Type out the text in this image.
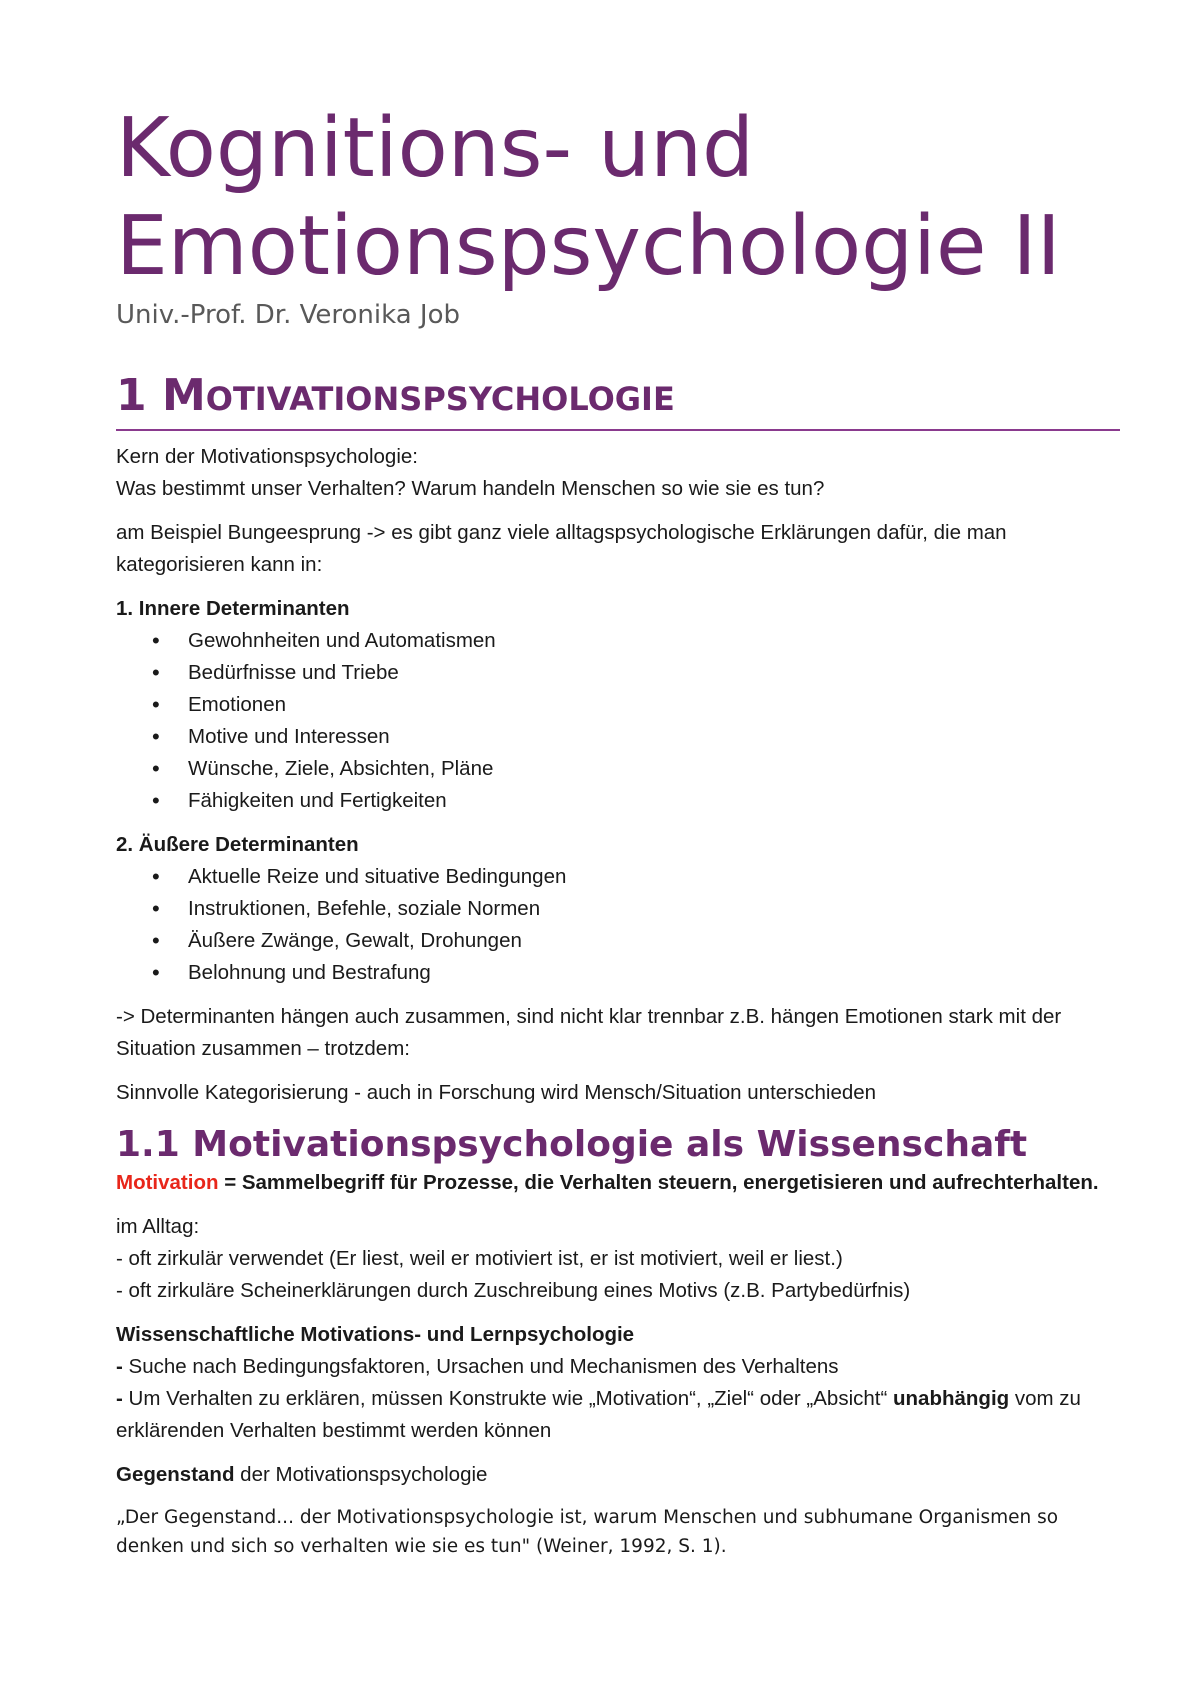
Kognitions- und
Emotionspsychologie II
Univ.-Prof. Dr. Veronika Job
1 MOTIVATIONSPSYCHOLOGIE

Kern der Motivationspsychologie:

Was bestimmt unser Verhalten? Warum handeln Menschen so wie sie es tun?

am Beispiel Bungeesprung -> es gibt ganz viele alltagspsychologische Erklärungen dafür, die man kategorisieren kann in:

1. Innere Determinanten

• Gewohnheiten und Automatismen
• Bedürfnisse und Triebe
• Emotionen
• Motive und Interessen
• Wünsche, Ziele, Absichten, Pläne
• Fähigkeiten und Fertigkeiten

2. Äußere Determinanten

• Aktuelle Reize und situative Bedingungen
• Instruktionen, Befehle, soziale Normen
• Äußere Zwänge, Gewalt, Drohungen
• Belohnung und Bestrafung

-> Determinanten hängen auch zusammen, sind nicht klar trennbar z.B. hängen Emotionen stark mit der Situation zusammen – trotzdem:

Sinnvolle Kategorisierung - auch in Forschung wird Mensch/Situation unterschieden

1.1 Motivationspsychologie als Wissenschaft

Motivation = Sammelbegriff für Prozesse, die Verhalten steuern, energetisieren und aufrechterhalten.

im Alltag:

- oft zirkulär verwendet (Er liest, weil er motiviert ist, er ist motiviert, weil er liest.)

- oft zirkuläre Scheinerklärungen durch Zuschreibung eines Motivs (z.B. Partybedürfnis)

Wissenschaftliche Motivations- und Lernpsychologie

- Suche nach Bedingungsfaktoren, Ursachen und Mechanismen des Verhaltens

- Um Verhalten zu erklären, müssen Konstrukte wie „Motivation“, „Ziel“ oder „Absicht“ unabhängig vom zu erklärenden Verhalten bestimmt werden können

Gegenstand der Motivationspsychologie

„Der Gegenstand... der Motivationspsychologie ist, warum Menschen und subhumane Organismen so denken und sich so verhalten wie sie es tun" (Weiner, 1992, S. 1).
